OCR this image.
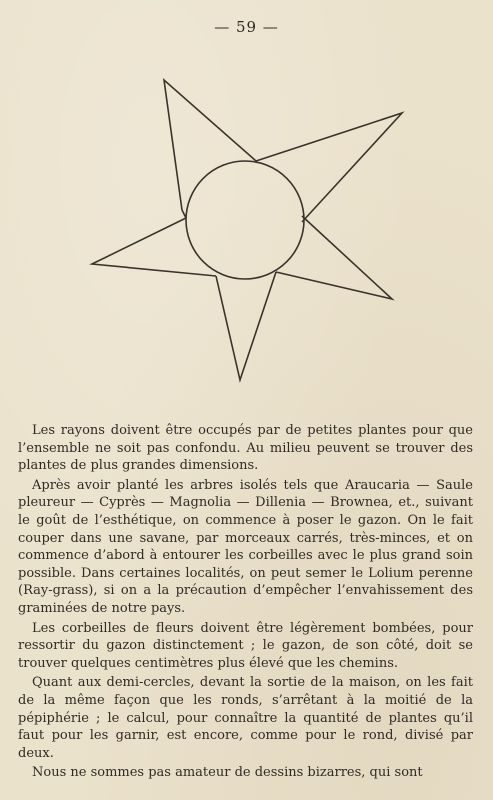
— 59 —

Les rayons doivent être occupés par de petites plantes pour que l’ensemble ne soit pas confondu. Au milieu peuvent se trouver des plantes de plus grandes dimensions.

Après avoir planté les arbres isolés tels que Araucaria — Saule pleureur — Cyprès — Magnolia — Dillenia — Brownea, et., suivant le goût de l’esthétique, on commence à poser le gazon. On le fait couper dans une savane, par morceaux carrés, très-minces, et on commence d’abord à entourer les corbeilles avec le plus grand soin possible. Dans certaines localités, on peut semer le Lolium perenne (Ray-grass), si on a la précaution d’empêcher l’envahissement des graminées de notre pays.

Les corbeilles de fleurs doivent être légèrement bombées, pour ressortir du gazon distinctement ; le gazon, de son côté, doit se trouver quelques centimètres plus élevé que les chemins.

Quant aux demi-cercles, devant la sortie de la maison, on les fait de la même façon que les ronds, s’arrêtant à la moitié de la pépiphérie ; le calcul, pour connaître la quantité de plantes qu’il faut pour les garnir, est encore, comme pour le rond, divisé par deux.

Nous ne sommes pas amateur de dessins bizarres, qui sont
